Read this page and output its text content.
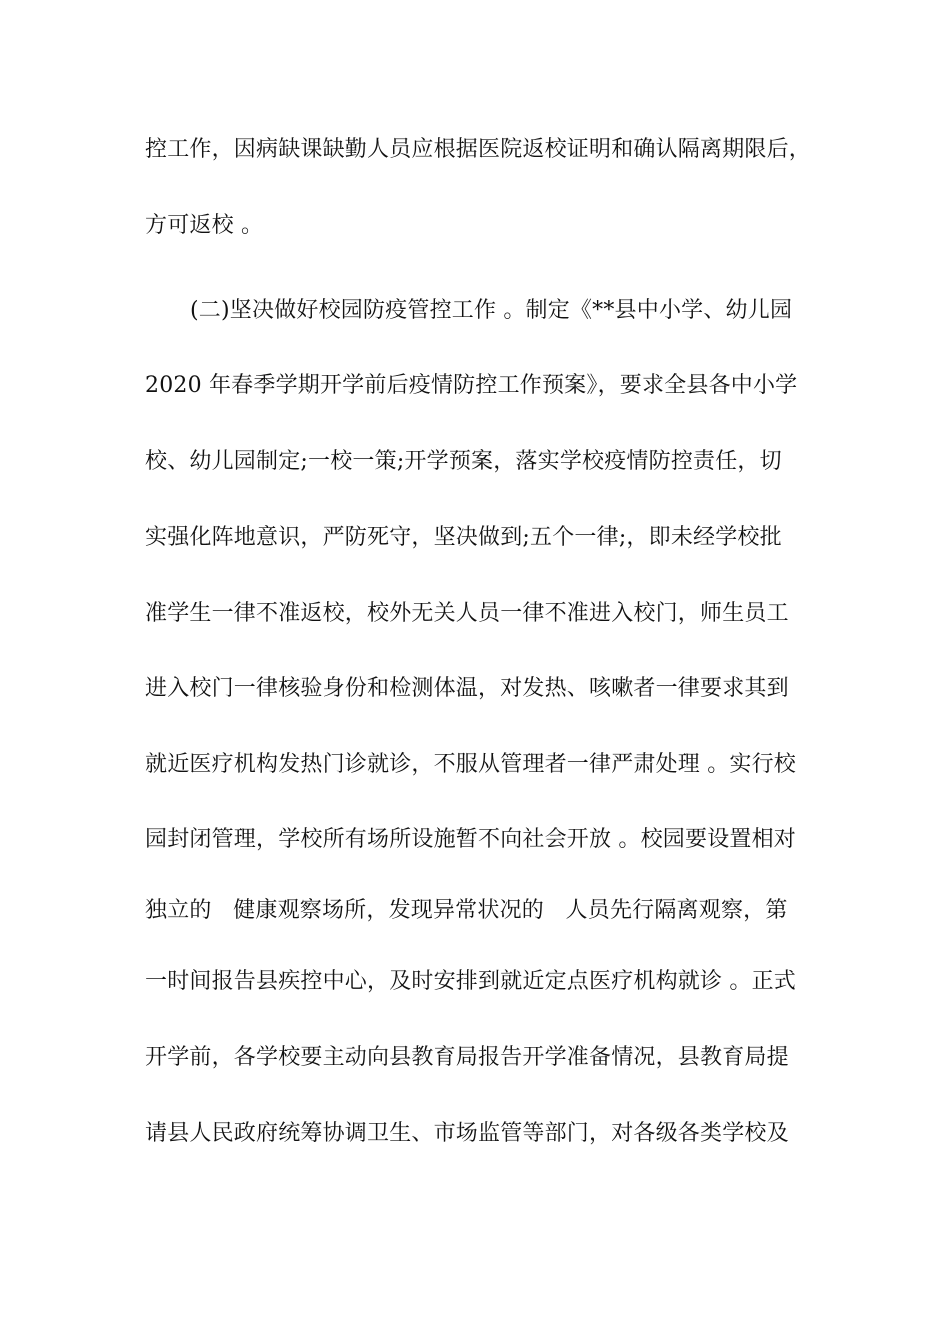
控工作，因病缺课缺勤人员应根据医院返校证明和确认隔离期限后，
方可返校 。
(二)坚决做好校园防疫管控工作 。制定《**县中小学、幼儿园
2020 年春季学期开学前后疫情防控工作预案》，要求全县各中小学
校、幼儿园制定;一校一策;开学预案，落实学校疫情防控责任，切
实强化阵地意识，严防死守，坚决做到;五个一律;，即未经学校批
准学生一律不准返校，校外无关人员一律不准进入校门，师生员工
进入校门一律核验身份和检测体温，对发热、咳嗽者一律要求其到
就近医疗机构发热门诊就诊，不服从管理者一律严肃处理 。实行校
园封闭管理，学校所有场所设施暂不向社会开放 。校园要设置相对
独立的   健康观察场所，发现异常状况的   人员先行隔离观察，第
一时间报告县疾控中心，及时安排到就近定点医疗机构就诊 。正式
开学前，各学校要主动向县教育局报告开学准备情况，县教育局提
请县人民政府统筹协调卫生、市场监管等部门，对各级各类学校及
